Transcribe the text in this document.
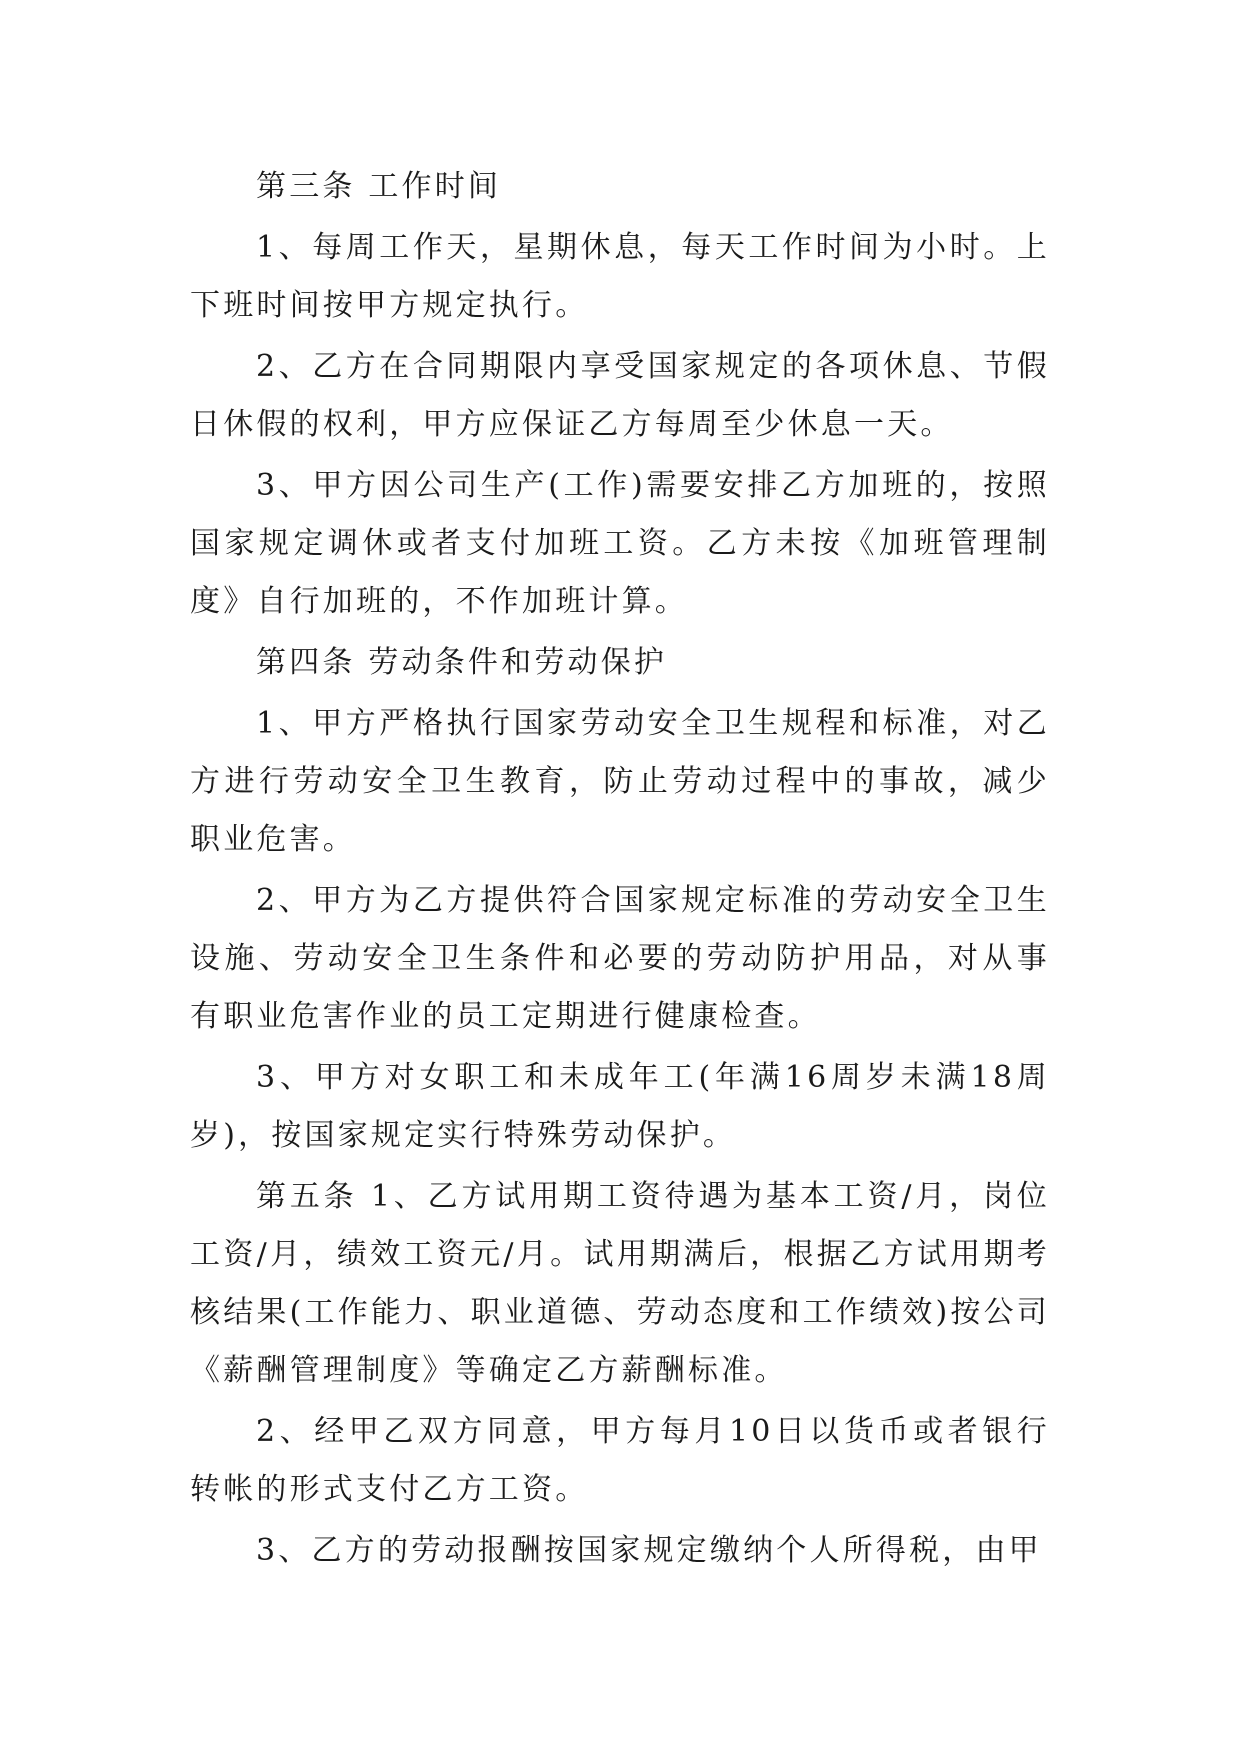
第三条 工作时间

1、每周工作天，星期休息，每天工作时间为小时。上下班时间按甲方规定执行。

2、乙方在合同期限内享受国家规定的各项休息、节假日休假的权利，甲方应保证乙方每周至少休息一天。

3、甲方因公司生产(工作)需要安排乙方加班的，按照国家规定调休或者支付加班工资。乙方未按《加班管理制度》自行加班的，不作加班计算。

第四条 劳动条件和劳动保护

1、甲方严格执行国家劳动安全卫生规程和标准，对乙方进行劳动安全卫生教育，防止劳动过程中的事故，减少职业危害。

2、甲方为乙方提供符合国家规定标准的劳动安全卫生设施、劳动安全卫生条件和必要的劳动防护用品，对从事有职业危害作业的员工定期进行健康检查。

3、甲方对女职工和未成年工(年满16周岁未满18周岁)，按国家规定实行特殊劳动保护。

第五条 1、乙方试用期工资待遇为基本工资/月，岗位工资/月，绩效工资元/月。试用期满后，根据乙方试用期考核结果(工作能力、职业道德、劳动态度和工作绩效)按公司《薪酬管理制度》等确定乙方薪酬标准。

2、经甲乙双方同意，甲方每月10日以货币或者银行转帐的形式支付乙方工资。

3、乙方的劳动报酬按国家规定缴纳个人所得税，由甲
